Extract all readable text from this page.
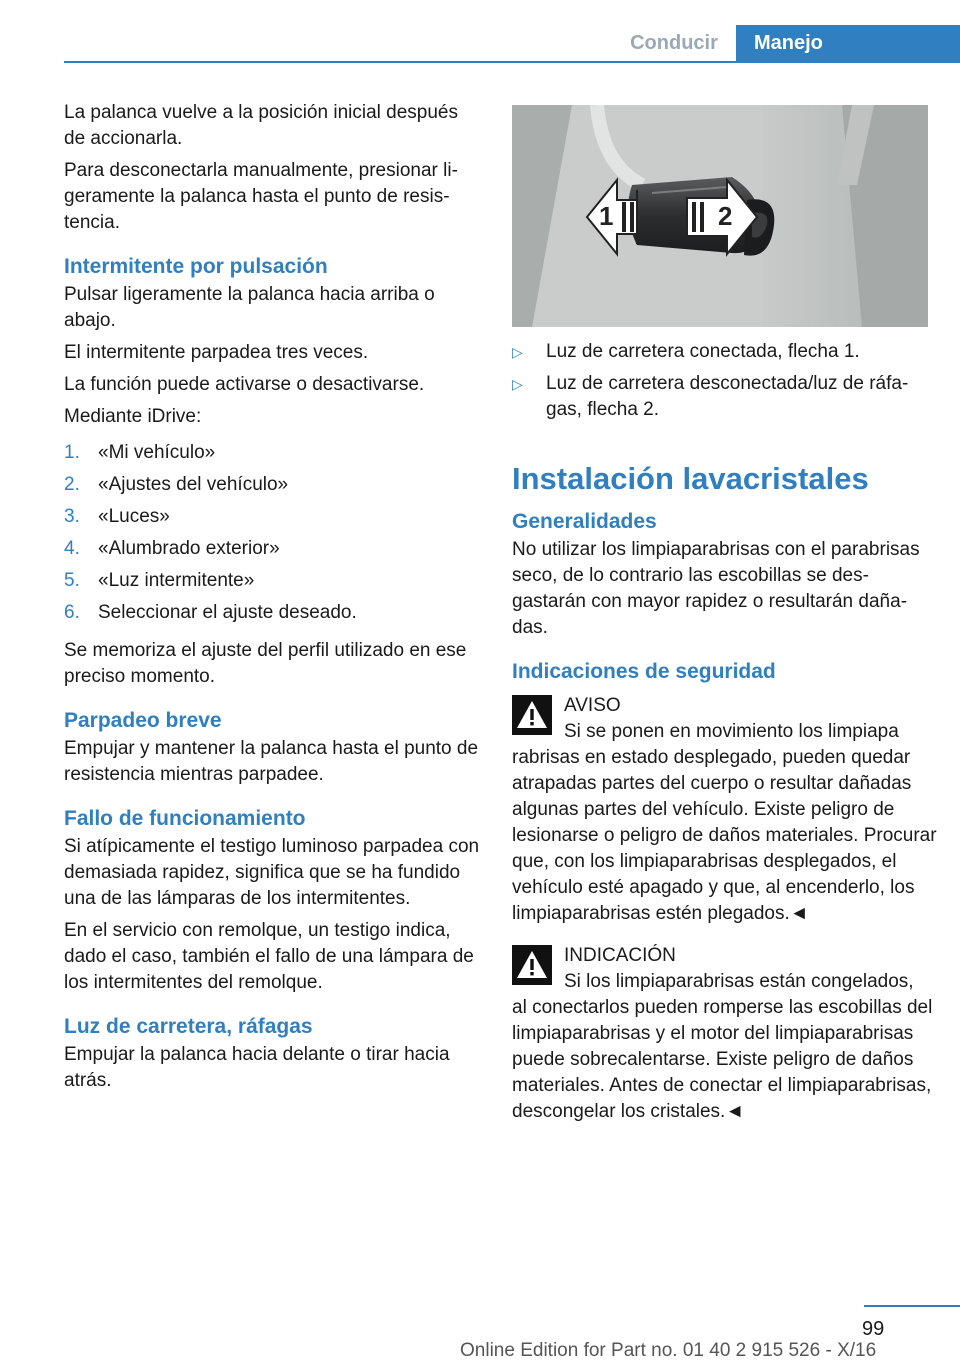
Conducir	Manejo

La palanca vuelve a la posición inicial después de accionarla.

Para desconectarla manualmente, presionar ligeramente la palanca hasta el punto de resistencia.

Intermitente por pulsación

Pulsar ligeramente la palanca hacia arriba o abajo.

El intermitente parpadea tres veces.

La función puede activarse o desactivarse.

Mediante iDrive:

1. «Mi vehículo»
2. «Ajustes del vehículo»
3. «Luces»
4. «Alumbrado exterior»
5. «Luz intermitente»
6. Seleccionar el ajuste deseado.

Se memoriza el ajuste del perfil utilizado en ese preciso momento.

Parpadeo breve

Empujar y mantener la palanca hasta el punto de resistencia mientras parpadee.

Fallo de funcionamiento

Si atípicamente el testigo luminoso parpadea con demasiada rapidez, significa que se ha fundido una de las lámparas de los intermitentes.

En el servicio con remolque, un testigo indica, dado el caso, también el fallo de una lámpara de los intermitentes del remolque.

Luz de carretera, ráfagas

Empujar la palanca hacia delante o tirar hacia atrás.

1	2
▷	Luz de carretera conectada, flecha 1.
▷	Luz de carretera desconectada/luz de ráfagas, flecha 2.
Instalación lavacristales
Generalidades

No utilizar los limpiaparabrisas con el parabrisas seco, de lo contrario las escobillas se desgastarán con mayor rapidez o resultarán dañadas.

Indicaciones de seguridad
AVISO
Si se ponen en movimiento los limpiapa
rabrisas en estado desplegado, pueden quedar atrapadas partes del cuerpo o resultar dañadas algunas partes del vehículo. Existe peligro de lesionarse o peligro de daños materiales. Procurar que, con los limpiaparabrisas desplegados, el vehículo esté apagado y que, al encenderlo, los limpiaparabrisas estén plegados.◄
INDICACIÓN
Si los limpiaparabrisas están congelados,
al conectarlos pueden romperse las escobillas del limpiaparabrisas y el motor del limpiaparabrisas puede sobrecalentarse. Existe peligro de daños materiales. Antes de conectar el limpiaparabrisas, descongelar los cristales.◄
99
Online Edition for Part no. 01 40 2 915 526 - X/16
